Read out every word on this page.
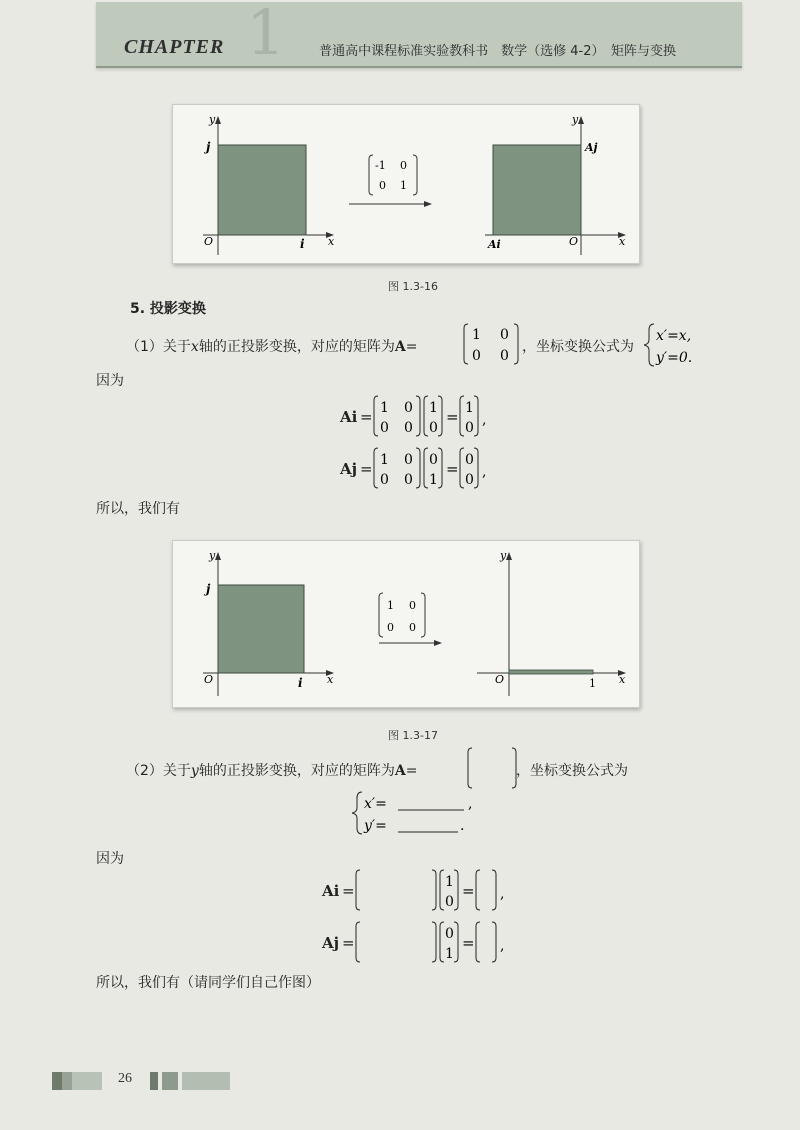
1
CHAPTER	普通高中课程标准实验教科书　数学（选修 4-2）　矩阵与变换
y
x
O
j
i
-1 0
0 1
y
x
O
Aj
Ai
图 1.3-16
5. 投影变换
（1）关于x轴的正投影变换，对应的矩阵为A=
1 0
0 0
，坐标变换公式为
x′=x,
y′=0.
因为
Ai = 1 0
0 0
1
0
= 1
0 ,
Aj = 1 0
0 0
0
1
= 0
0 ,
所以，我们有
y
x
O
j
i
1 0
0 0
y
x
O	1
图 1.3-17
（2）关于y轴的正投影变换，对应的矩阵为A=	，坐标变换公式为
x′=	,
y′=	.
因为
Ai =	1
0
= ,
Aj =	0
1
= ,
所以，我们有（请同学们自己作图）
26
